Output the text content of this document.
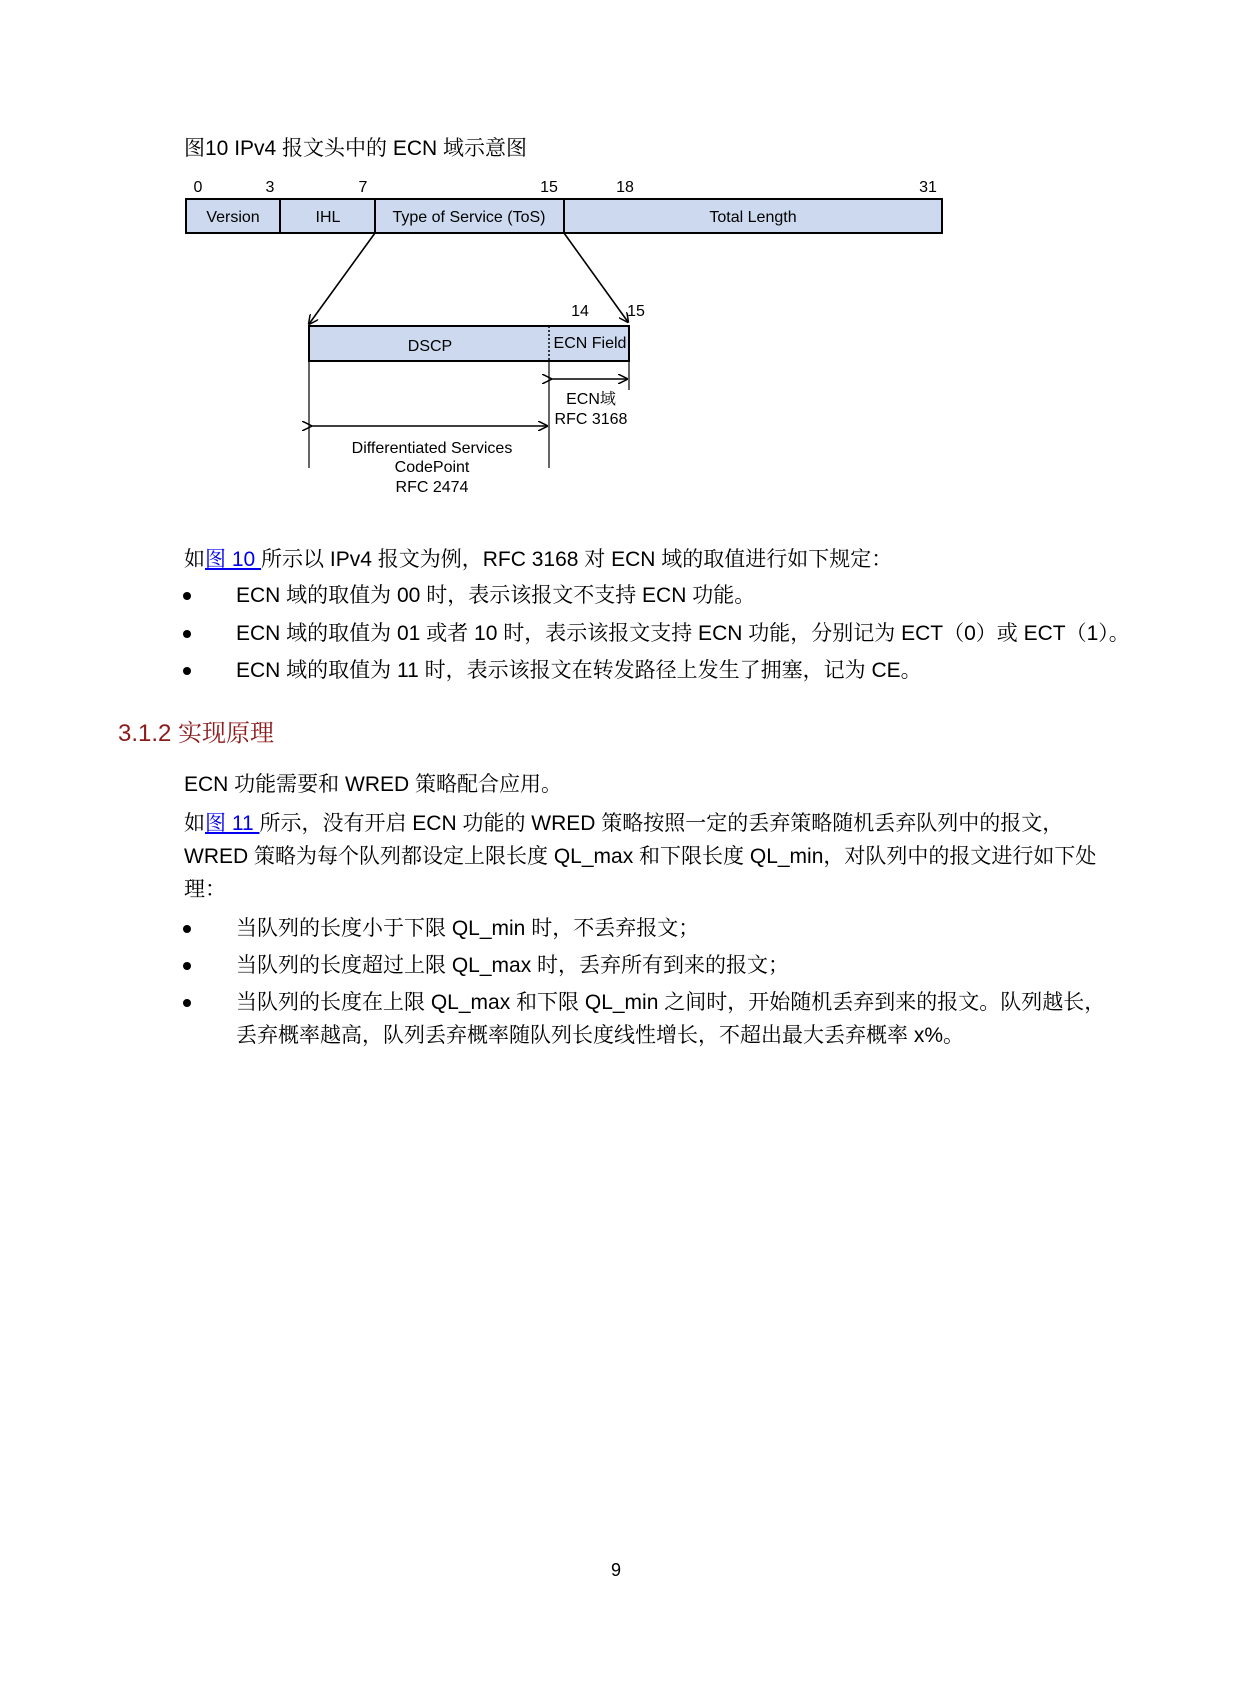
图10 IPv4 报文头中的 ECN 域示意图
0	3	7	15	18	31
Version	IHL	Type of Service (ToS)	Total Length
14 15
DSCP	ECN Field
ECN域
RFC 3168
Differentiated Services
CodePoint
RFC 2474
如图 10 所示以 IPv4 报文为例，RFC 3168 对 ECN 域的取值进行如下规定：
ECN 域的取值为 00 时，表示该报文不支持 ECN 功能。
ECN 域的取值为 01 或者 10 时，表示该报文支持 ECN 功能，分别记为 ECT（0）或 ECT（1）。
ECN 域的取值为 11 时，表示该报文在转发路径上发生了拥塞，记为 CE。
3.1.2 实现原理
ECN 功能需要和 WRED 策略配合应用。
如图 11 所示，没有开启 ECN 功能的 WRED 策略按照一定的丢弃策略随机丢弃队列中的报文，
WRED 策略为每个队列都设定上限长度 QL_max 和下限长度 QL_min，对队列中的报文进行如下处
理：
当队列的长度小于下限 QL_min 时，不丢弃报文；
当队列的长度超过上限 QL_max 时，丢弃所有到来的报文；
当队列的长度在上限 QL_max 和下限 QL_min 之间时，开始随机丢弃到来的报文。队列越长，
丢弃概率越高，队列丢弃概率随队列长度线性增长，不超出最大丢弃概率 x%。
9
